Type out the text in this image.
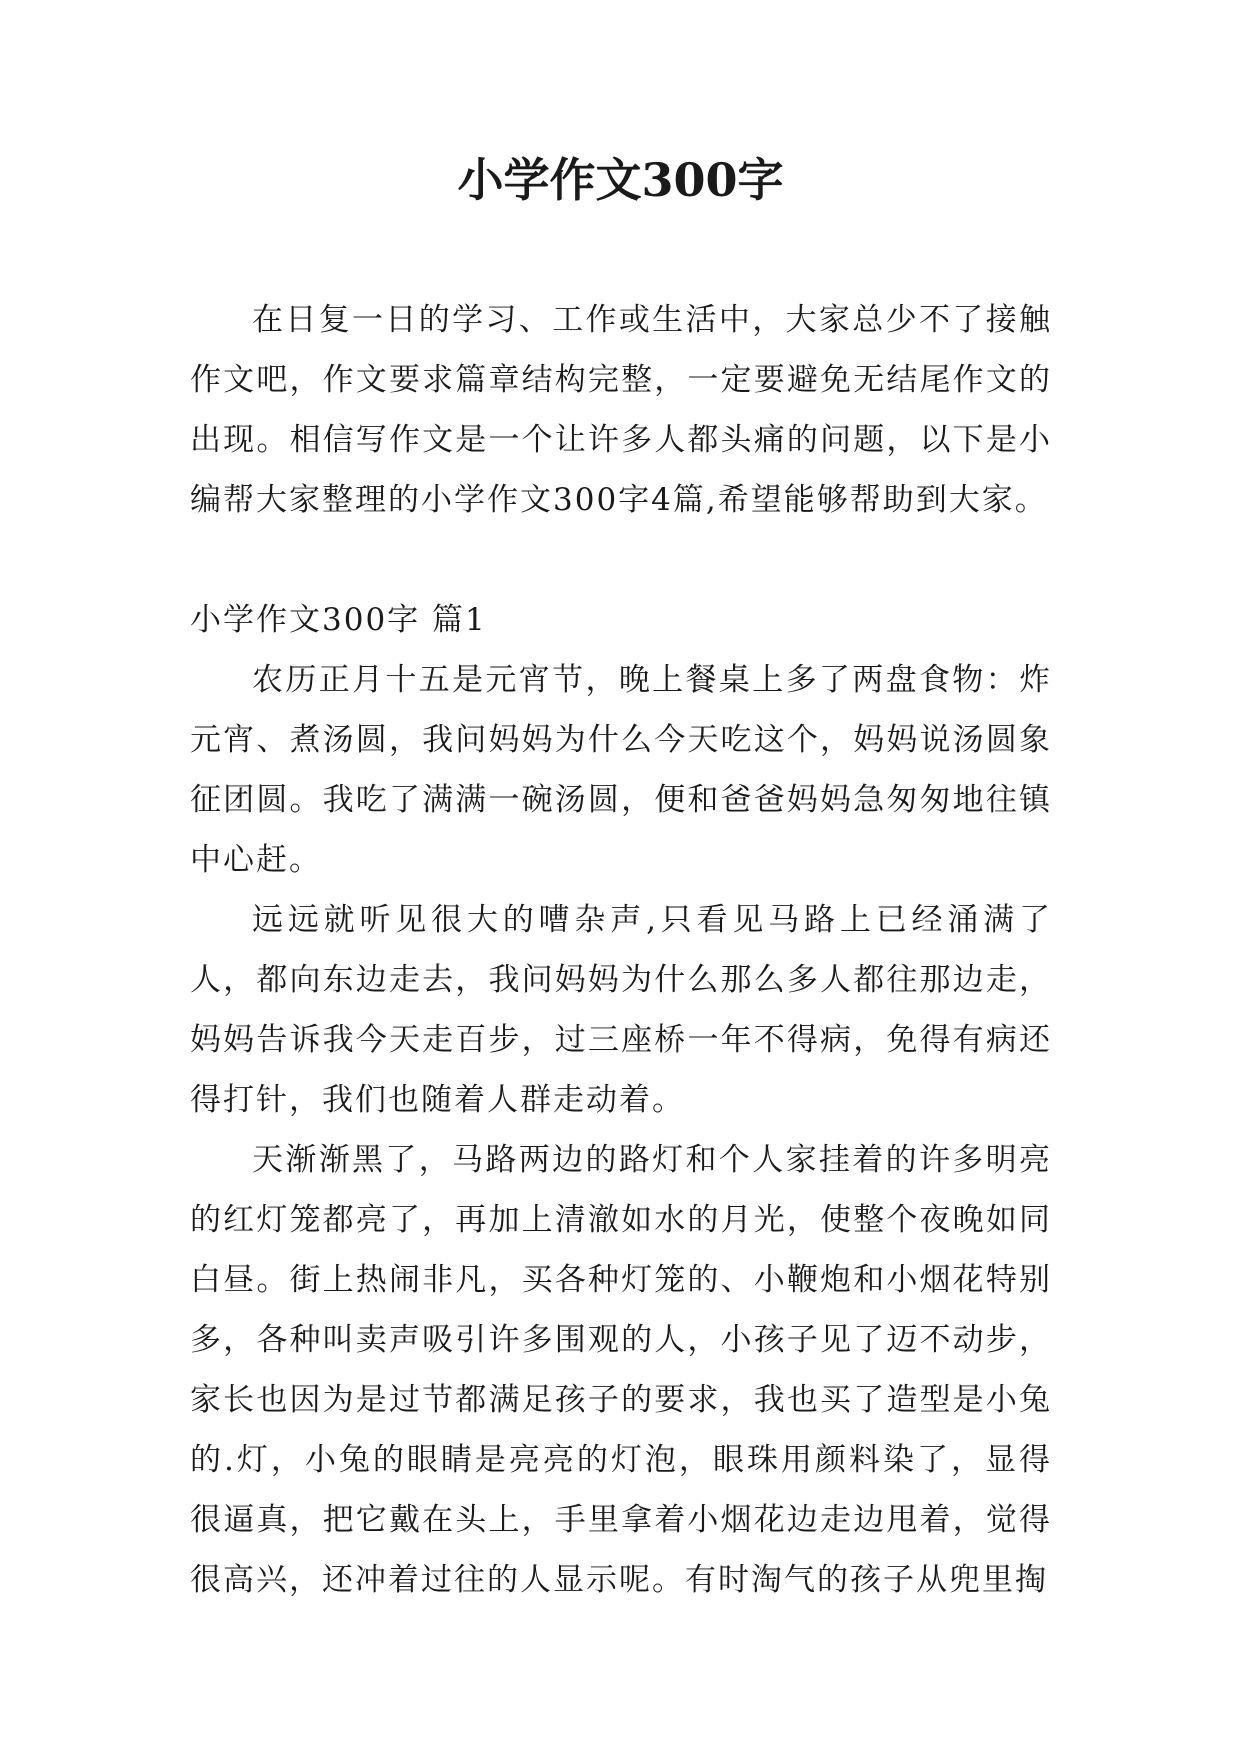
小学作文300字

在日复一日的学习、工作或生活中，大家总少不了接触作文吧，作文要求篇章结构完整，一定要避免无结尾作文的出现。相信写作文是一个让许多人都头痛的问题，以下是小编帮大家整理的小学作文300字4篇,希望能够帮助到大家。

小学作文300字 篇1

农历正月十五是元宵节，晚上餐桌上多了两盘食物：炸元宵、煮汤圆，我问妈妈为什么今天吃这个，妈妈说汤圆象征团圆。我吃了满满一碗汤圆，便和爸爸妈妈急匆匆地往镇中心赶。

远远就听见很大的嘈杂声,只看见马路上已经涌满了人，都向东边走去，我问妈妈为什么那么多人都往那边走，妈妈告诉我今天走百步，过三座桥一年不得病，免得有病还得打针，我们也随着人群走动着。

天渐渐黑了，马路两边的路灯和个人家挂着的许多明亮的红灯笼都亮了，再加上清澈如水的月光，使整个夜晚如同白昼。街上热闹非凡，买各种灯笼的、小鞭炮和小烟花特别多，各种叫卖声吸引许多围观的人，小孩子见了迈不动步，家长也因为是过节都满足孩子的要求，我也买了造型是小兔的.灯，小兔的眼睛是亮亮的灯泡，眼珠用颜料染了，显得很逼真，把它戴在头上，手里拿着小烟花边走边甩着，觉得很高兴，还冲着过往的人显示呢。有时淘气的孩子从兜里掏
